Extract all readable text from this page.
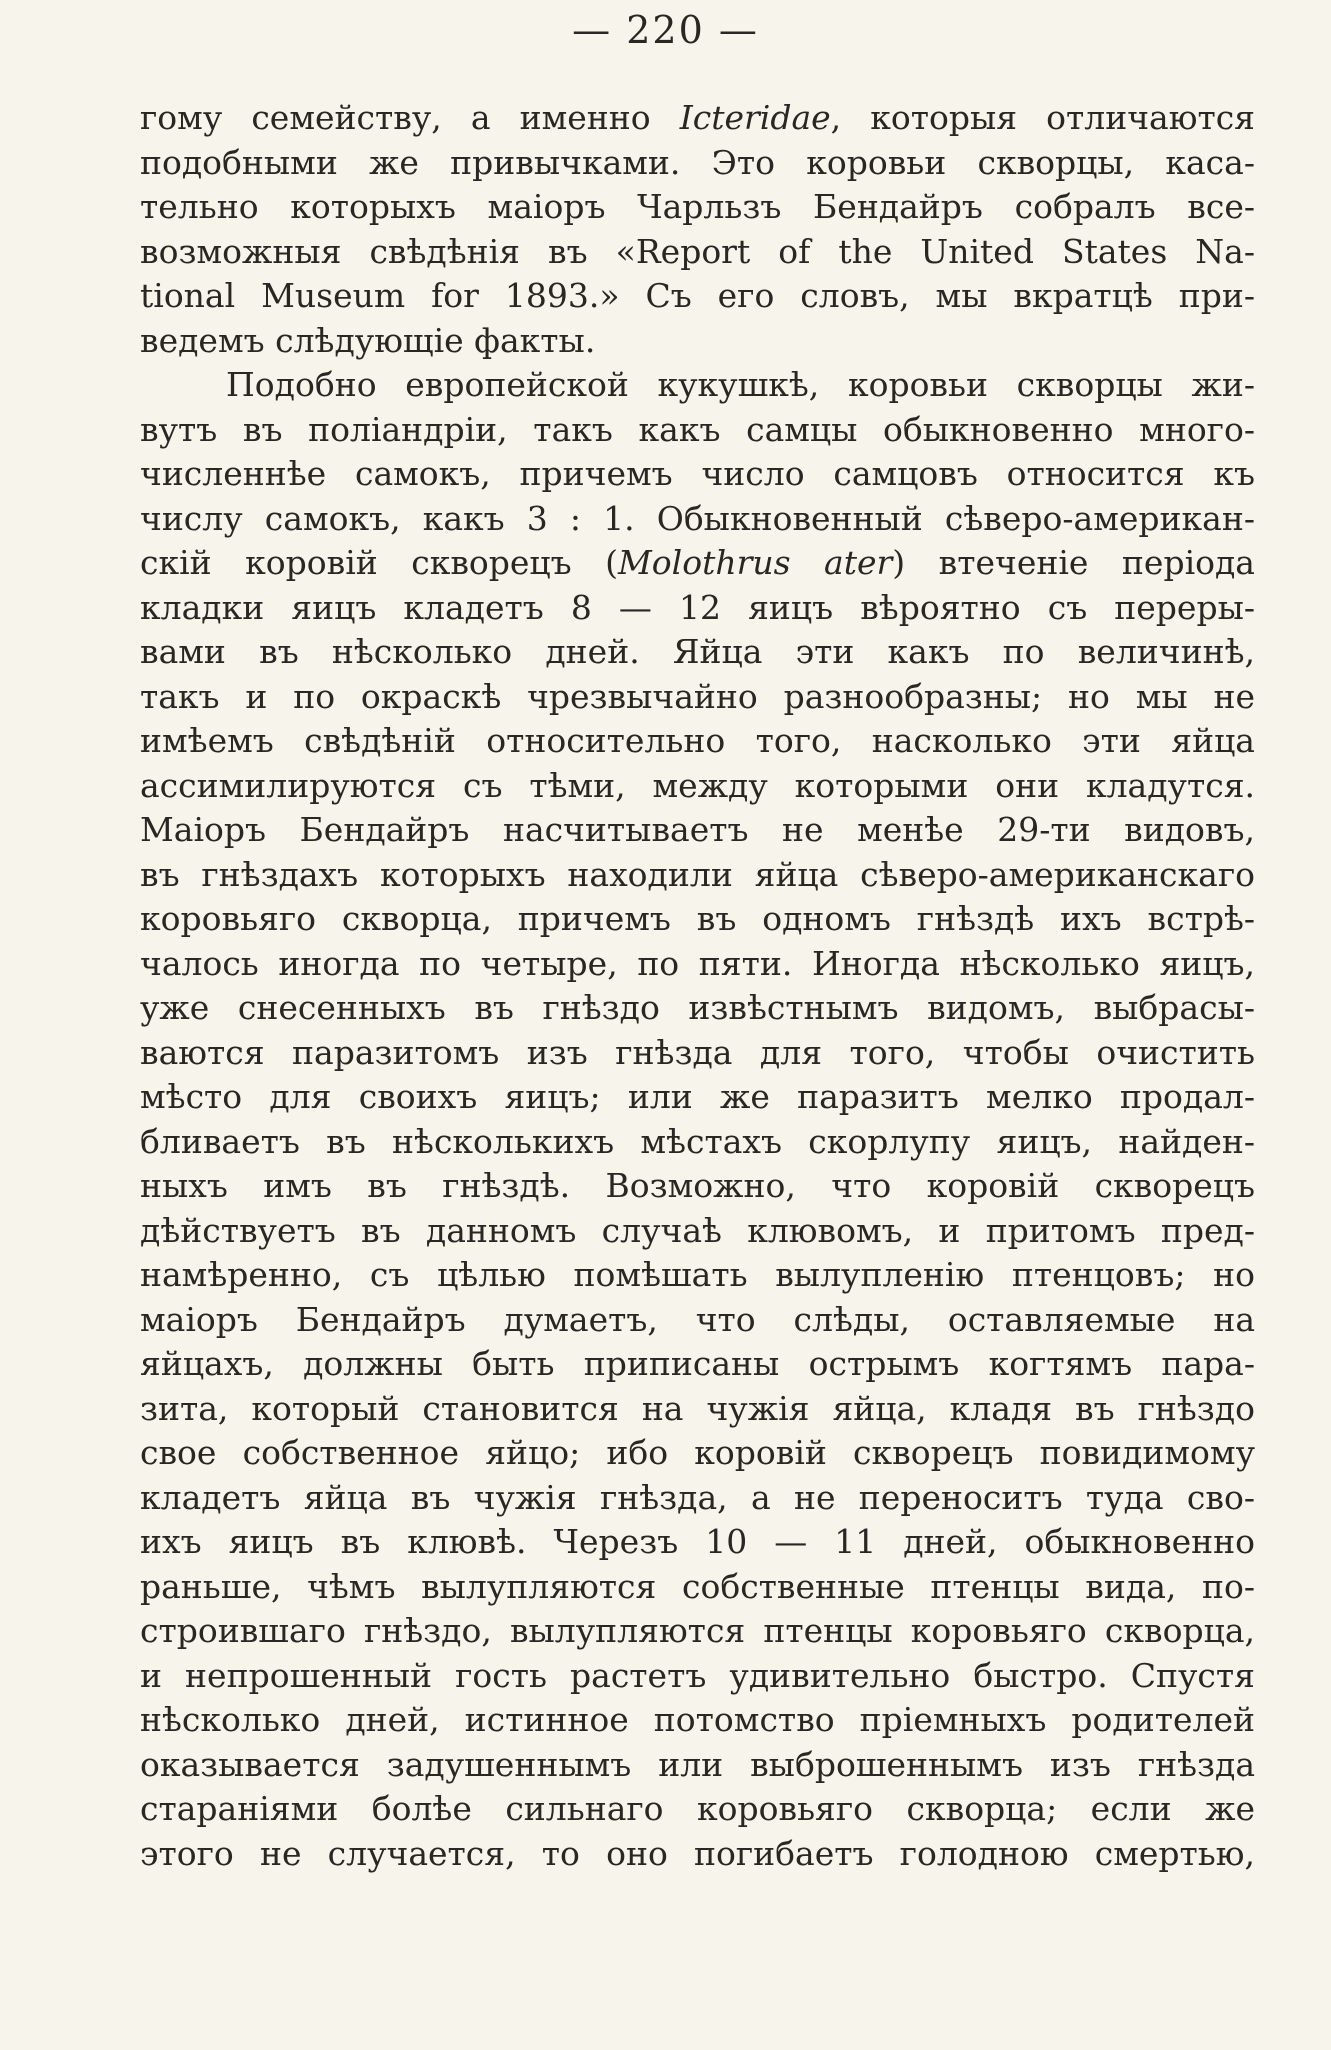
— 220 —
гому семейству, а именно Icteridae, которыя отличаются
подобными же привычками. Это коровьи скворцы, каса-
тельно которыхъ маіоръ Чарльзъ Бендайръ собралъ все-
возможныя свѣдѣнія въ «Report of the United States Na-
tional Museum for 1893.» Съ его словъ, мы вкратцѣ при-
ведемъ слѣдующіе факты.
Подобно европейской кукушкѣ, коровьи скворцы жи-
вутъ въ поліандріи, такъ какъ самцы обыкновенно много-
численнѣе самокъ, причемъ число самцовъ относится къ
числу самокъ, какъ 3 : 1. Обыкновенный сѣверо-американ-
скій коровій скворецъ (Molothrus ater) втеченіе періода
кладки яицъ кладетъ 8 — 12 яицъ вѣроятно съ переры-
вами въ нѣсколько дней. Яйца эти какъ по величинѣ,
такъ и по окраскѣ чрезвычайно разнообразны; но мы не
имѣемъ свѣдѣній относительно того, насколько эти яйца
ассимилируются съ тѣми, между которыми они кладутся.
Маіоръ Бендайръ насчитываетъ не менѣе 29-ти видовъ,
въ гнѣздахъ которыхъ находили яйца сѣверо-американскаго
коровьяго скворца, причемъ въ одномъ гнѣздѣ ихъ встрѣ-
чалось иногда по четыре, по пяти. Иногда нѣсколько яицъ,
уже снесенныхъ въ гнѣздо извѣстнымъ видомъ, выбрасы-
ваются паразитомъ изъ гнѣзда для того, чтобы очистить
мѣсто для своихъ яицъ; или же паразитъ мелко продал-
бливаетъ въ нѣсколькихъ мѣстахъ скорлупу яицъ, найден-
ныхъ имъ въ гнѣздѣ. Возможно, что коровій скворецъ
дѣйствуетъ въ данномъ случаѣ клювомъ, и притомъ пред-
намѣренно, съ цѣлью помѣшать вылупленію птенцовъ; но
маіоръ Бендайръ думаетъ, что слѣды, оставляемые на
яйцахъ, должны быть приписаны острымъ когтямъ пара-
зита, который становится на чужія яйца, кладя въ гнѣздо
свое собственное яйцо; ибо коровій скворецъ повидимому
кладетъ яйца въ чужія гнѣзда, а не переноситъ туда сво-
ихъ яицъ въ клювѣ. Черезъ 10 — 11 дней, обыкновенно
раньше, чѣмъ вылупляются собственные птенцы вида, по-
строившаго гнѣздо, вылупляются птенцы коровьяго скворца,
и непрошенный гость растетъ удивительно быстро. Спустя
нѣсколько дней, истинное потомство пріемныхъ родителей
оказывается задушеннымъ или выброшеннымъ изъ гнѣзда
стараніями болѣе сильнаго коровьяго скворца; если же
этого не случается, то оно погибаетъ голодною смертью,
